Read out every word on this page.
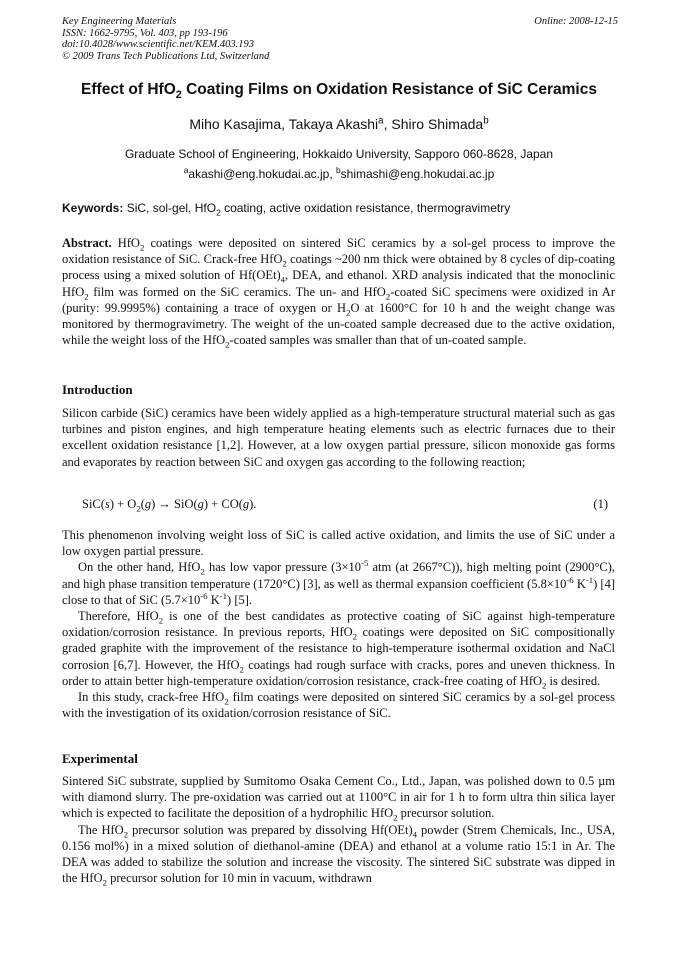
Key Engineering Materials
ISSN: 1662-9795, Vol. 403, pp 193-196
doi:10.4028/www.scientific.net/KEM.403.193
© 2009 Trans Tech Publications Ltd, Switzerland
Online: 2008-12-15
Effect of HfO$_2$ Coating Films on Oxidation Resistance of SiC Ceramics
Miho Kasajima, Takaya Akashi$^a$, Shiro Shimada$^b$
Graduate School of Engineering, Hokkaido University, Sapporo 060-8628, Japan
$^a$akashi@eng.hokudai.ac.jp, $^b$shimashi@eng.hokudai.ac.jp
Keywords: SiC, sol-gel, HfO$_2$ coating, active oxidation resistance, thermogravimetry
Abstract. HfO$_2$ coatings were deposited on sintered SiC ceramics by a sol-gel process to improve the oxidation resistance of SiC. Crack-free HfO$_2$ coatings ~200 nm thick were obtained by 8 cycles of dip-coating process using a mixed solution of $Hf(OEt)_4$, DEA, and ethanol. XRD analysis indicated that the monoclinic HfO$_2$ film was formed on the SiC ceramics. The un- and HfO$_2$-coated SiC specimens were oxidized in Ar (purity: 99.9995%) containing a trace of oxygen or $H_2O$ at 1600°C for 10 h and the weight change was monitored by thermogravimetry. The weight of the un-coated sample decreased due to the active oxidation, while the weight loss of the HfO$_2$-coated samples was smaller than that of un-coated sample.
Introduction
Silicon carbide (SiC) ceramics have been widely applied as a high-temperature structural material such as gas turbines and piston engines, and high temperature heating elements such as electric furnaces due to their excellent oxidation resistance [1,2]. However, at a low oxygen partial pressure, silicon monoxide gas forms and evaporates by reaction between SiC and oxygen gas according to the following reaction;
$SiC(s) + O_2(g) \to SiO(g) + CO(g)$.	(1)
This phenomenon involving weight loss of SiC is called active oxidation, and limits the use of SiC under a low oxygen partial pressure.
On the other hand, HfO$_2$ has low vapor pressure ($3\times 10^{-5}$ atm (at 2667°C)), high melting point (2900°C), and high phase transition temperature (1720°C) [3], as well as thermal expansion coefficient ($5.8\times 10^{-6}$ $K^{-1}$) [4] close to that of SiC ($5.7\times 10^{-6}$ $K^{-1}$) [5].
Therefore, HfO$_2$ is one of the best candidates as protective coating of SiC against high-temperature oxidation/corrosion resistance. In previous reports, HfO$_2$ coatings were deposited on SiC compositionally graded graphite with the improvement of the resistance to high-temperature isothermal oxidation and NaCl corrosion [6,7]. However, the HfO$_2$ coatings had rough surface with cracks, pores and uneven thickness. In order to attain better high-temperature oxidation/corrosion resistance, crack-free coating of HfO$_2$ is desired.
In this study, crack-free HfO$_2$ film coatings were deposited on sintered SiC ceramics by a sol-gel process with the investigation of its oxidation/corrosion resistance of SiC.
Experimental
Sintered SiC substrate, supplied by Sumitomo Osaka Cement Co., Ltd., Japan, was polished down to 0.5 µm with diamond slurry. The pre-oxidation was carried out at 1100°C in air for 1 h to form ultra thin silica layer which is expected to facilitate the deposition of a hydrophilic HfO$_2$ precursor solution.
The HfO$_2$ precursor solution was prepared by dissolving $Hf(OEt)_4$ powder (Strem Chemicals, Inc., USA, 0.156 mol%) in a mixed solution of diethanol-amine (DEA) and ethanol at a volume ratio 15:1 in Ar. The DEA was added to stabilize the solution and increase the viscosity. The sintered SiC substrate was dipped in the HfO$_2$ precursor solution for 10 min in vacuum, withdrawn
